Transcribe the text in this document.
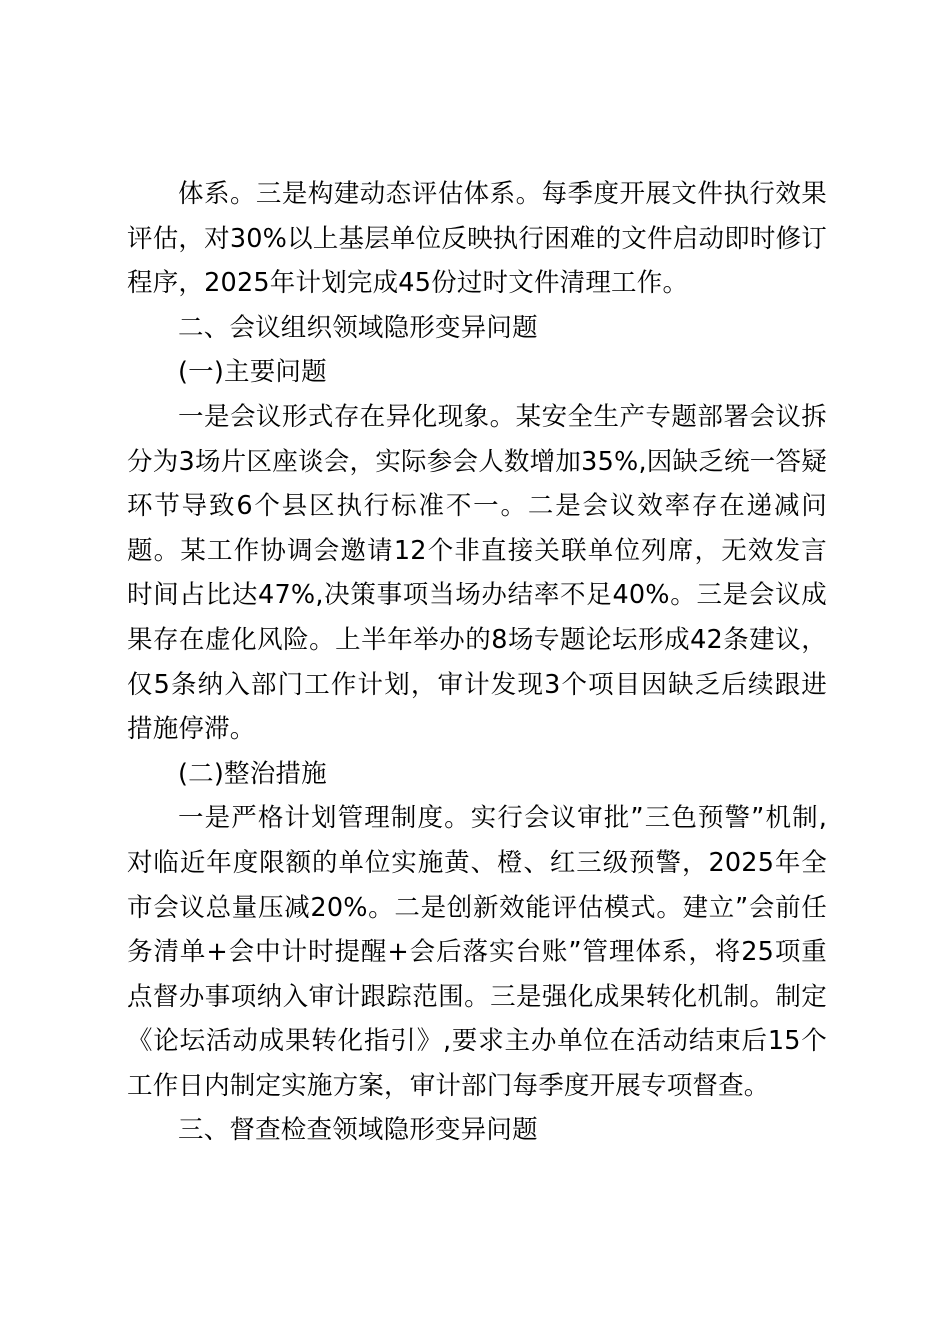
体系。三是构建动态评估体系。每季度开展文件执行效果评估，对30%以上基层单位反映执行困难的文件启动即时修订程序，2025年计划完成45份过时文件清理工作。

二、会议组织领域隐形变异问题

(一)主要问题

一是会议形式存在异化现象。某安全生产专题部署会议拆分为3场片区座谈会，实际参会人数增加35%,因缺乏统一答疑环节导致6个县区执行标准不一。二是会议效率存在递减问题。某工作协调会邀请12个非直接关联单位列席，无效发言时间占比达47%,决策事项当场办结率不足40%。三是会议成果存在虚化风险。上半年举办的8场专题论坛形成42条建议，仅5条纳入部门工作计划，审计发现3个项目因缺乏后续跟进措施停滞。

(二)整治措施

一是严格计划管理制度。实行会议审批”三色预警”机制,对临近年度限额的单位实施黄、橙、红三级预警，2025年全市会议总量压减20%。二是创新效能评估模式。建立”会前任务清单+会中计时提醒+会后落实台账”管理体系，将25项重点督办事项纳入审计跟踪范围。三是强化成果转化机制。制定《论坛活动成果转化指引》,要求主办单位在活动结束后15个工作日内制定实施方案，审计部门每季度开展专项督查。

三、督查检查领域隐形变异问题
